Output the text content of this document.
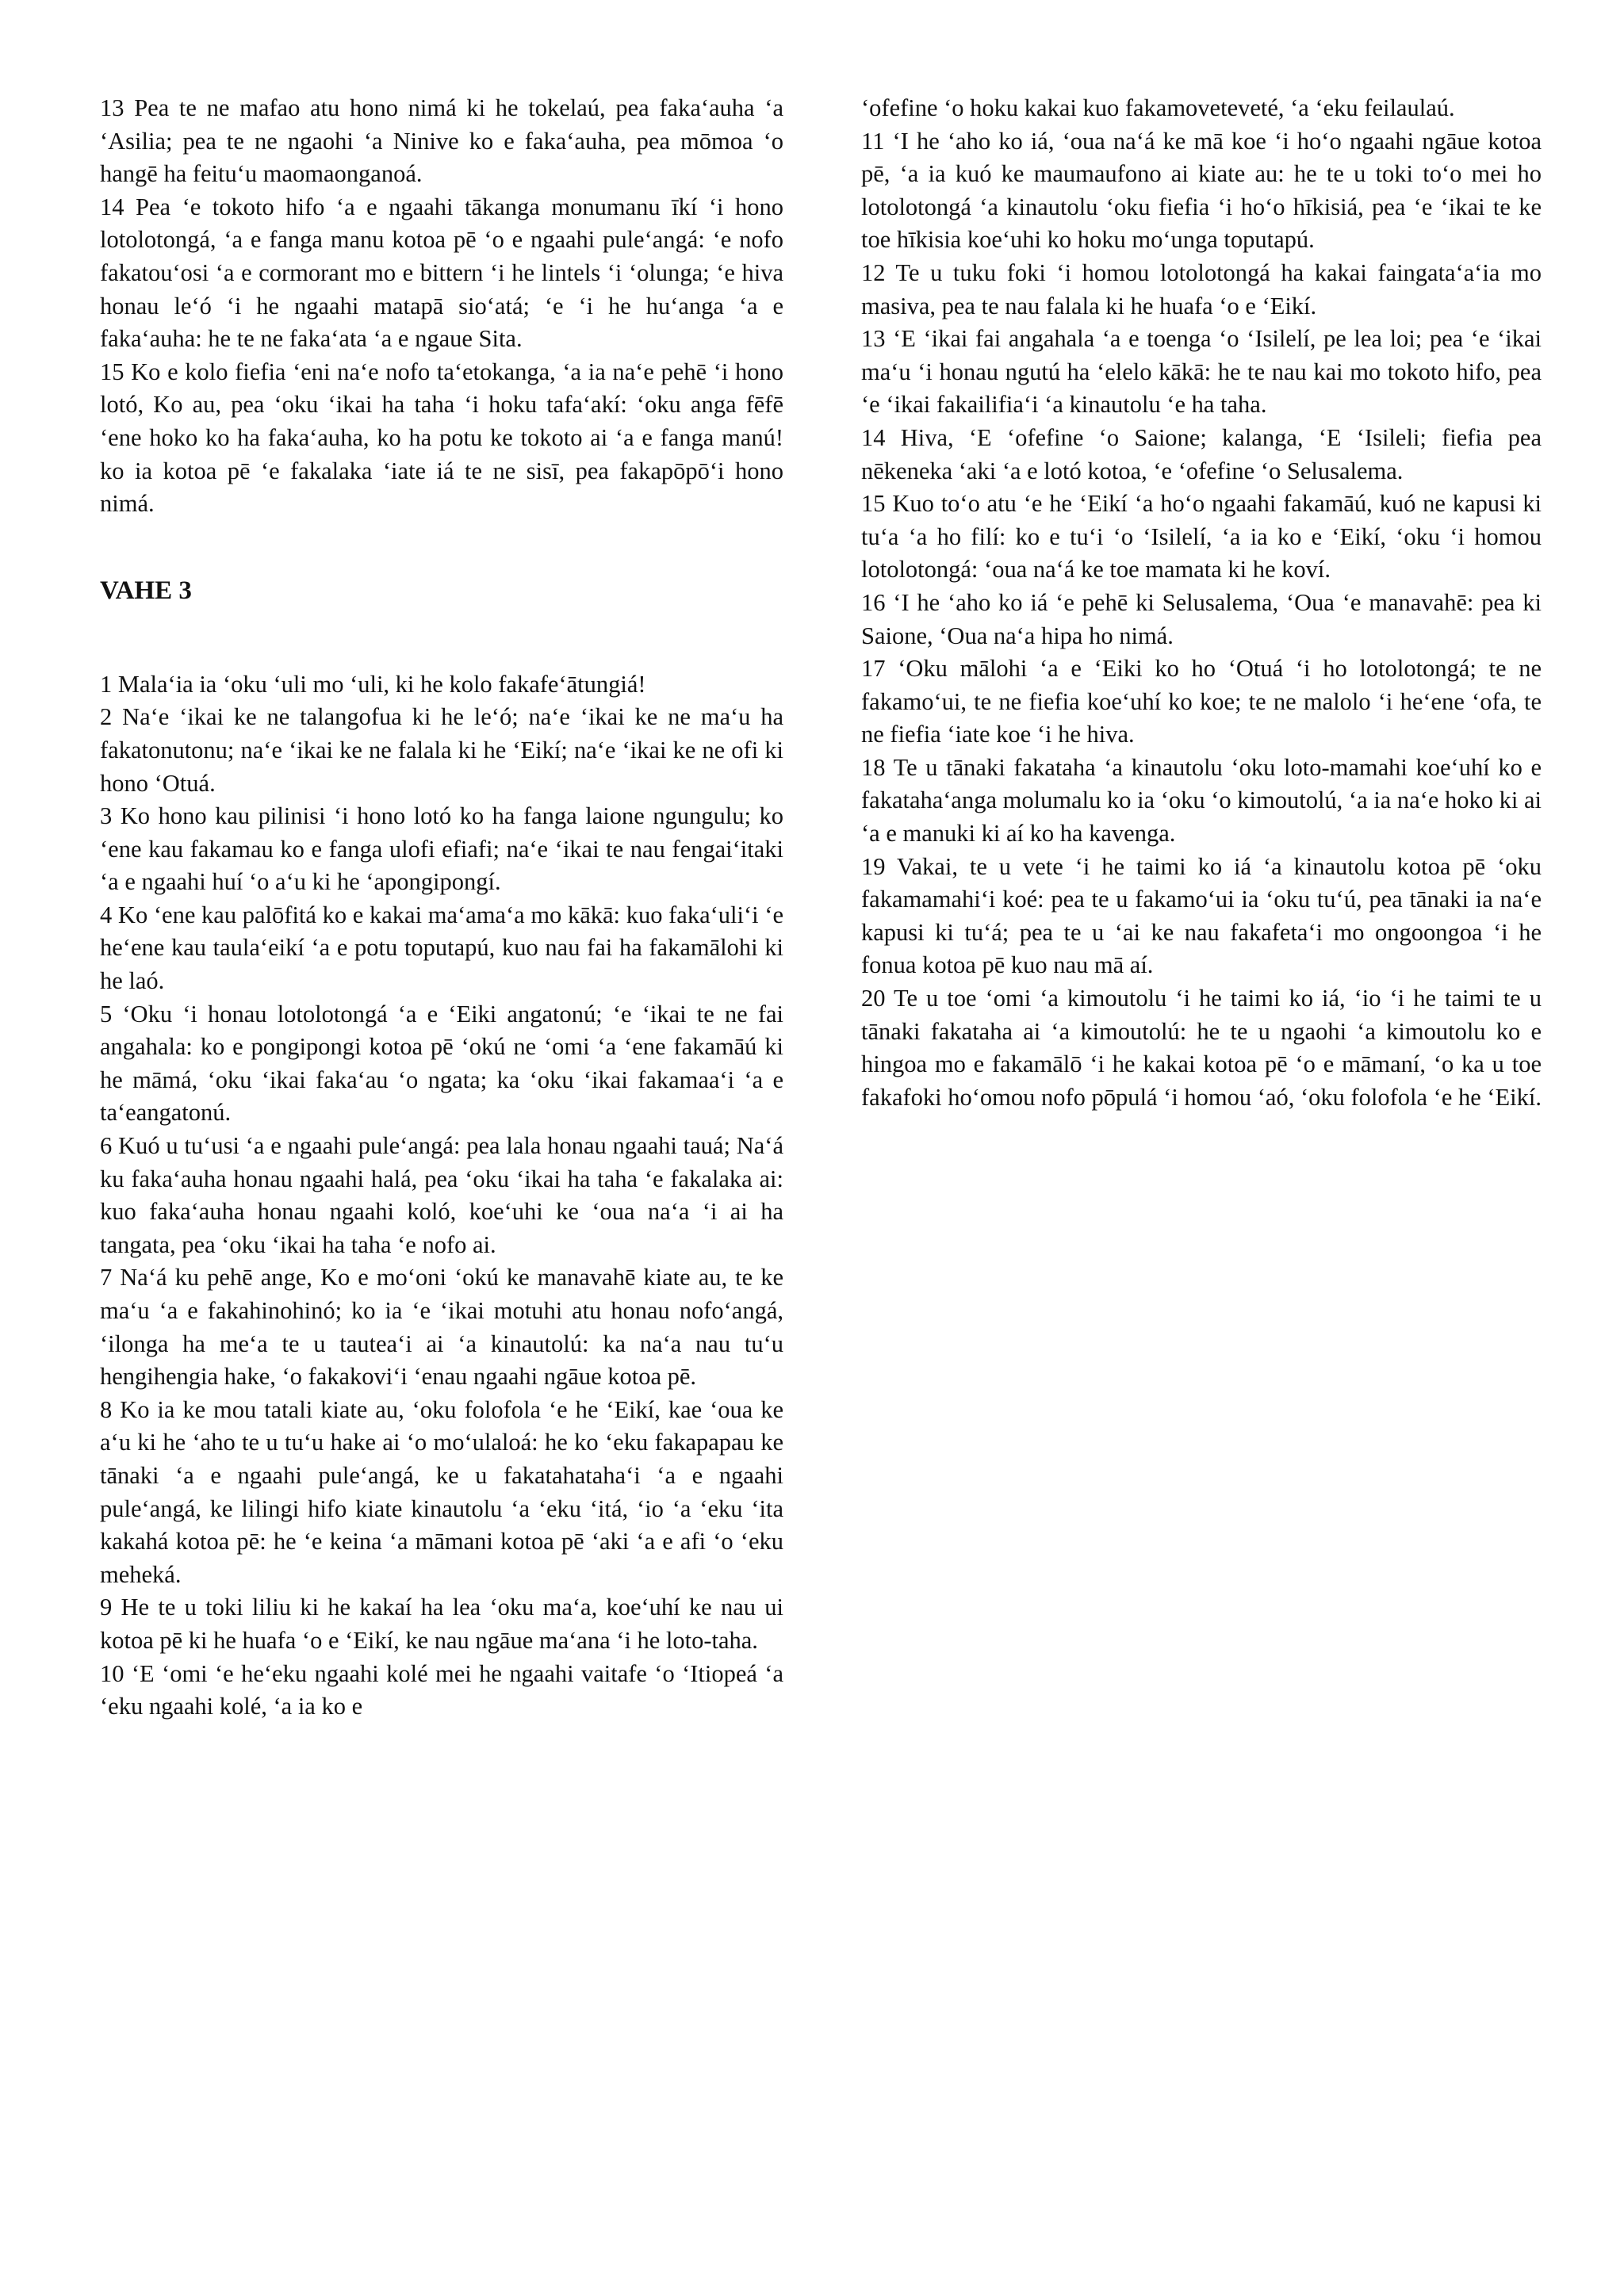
13 Pea te ne mafao atu hono nimá ki he tokelaú, pea faka‘auha ‘a ‘Asilia; pea te ne ngaohi ‘a Ninive ko e faka‘auha, pea mōmoa ‘o hangē ha feitu‘u maomaonganoá.

14 Pea ‘e tokoto hifo ‘a e ngaahi tākanga monumanu īkí ‘i hono lotolotongá, ‘a e fanga manu kotoa pē ‘o e ngaahi pule‘angá: ‘e nofo fakatou‘osi ‘a e cormorant mo e bittern ‘i he lintels ‘i ‘olunga; ‘e hiva honau le‘ó ‘i he ngaahi matapā sio‘atá; ‘e ‘i he hu‘anga ‘a e faka‘auha: he te ne faka‘ata ‘a e ngaue Sita.

15 Ko e kolo fiefia ‘eni na‘e nofo ta‘etokanga, ‘a ia na‘e pehē ‘i hono lotó, Ko au, pea ‘oku ‘ikai ha taha ‘i hoku tafa‘akí: ‘oku anga fēfē ‘ene hoko ko ha faka‘auha, ko ha potu ke tokoto ai ‘a e fanga manú! ko ia kotoa pē ‘e fakalaka ‘iate iá te ne sisī, pea fakapōpō‘i hono nimá.

VAHE 3

1 Mala‘ia ia ‘oku ‘uli mo ‘uli, ki he kolo fakafe‘ātungiá!

2 Na‘e ‘ikai ke ne talangofua ki he le‘ó; na‘e ‘ikai ke ne ma‘u ha fakatonutonu; na‘e ‘ikai ke ne falala ki he ‘Eikí; na‘e ‘ikai ke ne ofi ki hono ‘Otuá.

3 Ko hono kau pilinisi ‘i hono lotó ko ha fanga laione ngungulu; ko ‘ene kau fakamau ko e fanga ulofi efiafi; na‘e ‘ikai te nau fengai‘itaki ‘a e ngaahi huí ‘o a‘u ki he ‘apongipongí.

4 Ko ‘ene kau palōfitá ko e kakai ma‘ama‘a mo kākā: kuo faka‘uli‘i ‘e he‘ene kau taula‘eikí ‘a e potu toputapú, kuo nau fai ha fakamālohi ki he laó.

5 ‘Oku ‘i honau lotolotongá ‘a e ‘Eiki angatonú; ‘e ‘ikai te ne fai angahala: ko e pongipongi kotoa pē ‘okú ne ‘omi ‘a ‘ene fakamāú ki he māmá, ‘oku ‘ikai faka‘au ‘o ngata; ka ‘oku ‘ikai fakamaa‘i ‘a e ta‘eangatonú.

6 Kuó u tu‘usi ‘a e ngaahi pule‘angá: pea lala honau ngaahi tauá; Na‘á ku faka‘auha honau ngaahi halá, pea ‘oku ‘ikai ha taha ‘e fakalaka ai: kuo faka‘auha honau ngaahi koló, koe‘uhi ke ‘oua na‘a ‘i ai ha tangata, pea ‘oku ‘ikai ha taha ‘e nofo ai.

7 Na‘á ku pehē ange, Ko e mo‘oni ‘okú ke manavahē kiate au, te ke ma‘u ‘a e fakahinohinó; ko ia ‘e ‘ikai motuhi atu honau nofo‘angá, ‘ilonga ha me‘a te u tautea‘i ai ‘a kinautolú: ka na‘a nau tu‘u hengihengia hake, ‘o fakakovi‘i ‘enau ngaahi ngāue kotoa pē.

8 Ko ia ke mou tatali kiate au, ‘oku folofola ‘e he ‘Eikí, kae ‘oua ke a‘u ki he ‘aho te u tu‘u hake ai ‘o mo‘ulaloá: he ko ‘eku fakapapau ke tānaki ‘a e ngaahi pule‘angá, ke u fakatahataha‘i ‘a e ngaahi pule‘angá, ke lilingi hifo kiate kinautolu ‘a ‘eku ‘itá, ‘io ‘a ‘eku ‘ita kakahá kotoa pē: he ‘e keina ‘a māmani kotoa pē ‘aki ‘a e afi ‘o ‘eku meheká.

9 He te u toki liliu ki he kakaí ha lea ‘oku ma‘a, koe‘uhí ke nau ui kotoa pē ki he huafa ‘o e ‘Eikí, ke nau ngāue ma‘ana ‘i he loto-taha.

10 ‘E ‘omi ‘e he‘eku ngaahi kolé mei he ngaahi vaitafe ‘o ‘Itiopeá ‘a ‘eku ngaahi kolé, ‘a ia ko e

‘ofefine ‘o hoku kakai kuo fakamoveteveté, ‘a ‘eku feilaulaú.

11 ‘I he ‘aho ko iá, ‘oua na‘á ke mā koe ‘i ho‘o ngaahi ngāue kotoa pē, ‘a ia kuó ke maumaufono ai kiate au: he te u toki to‘o mei ho lotolotongá ‘a kinautolu ‘oku fiefia ‘i ho‘o hīkisiá, pea ‘e ‘ikai te ke toe hīkisia koe‘uhi ko hoku mo‘unga toputapú.

12 Te u tuku foki ‘i homou lotolotongá ha kakai faingata‘a‘ia mo masiva, pea te nau falala ki he huafa ‘o e ‘Eikí.

13 ‘E ‘ikai fai angahala ‘a e toenga ‘o ‘Isilelí, pe lea loi; pea ‘e ‘ikai ma‘u ‘i honau ngutú ha ‘elelo kākā: he te nau kai mo tokoto hifo, pea ‘e ‘ikai fakailifia‘i ‘a kinautolu ‘e ha taha.

14 Hiva, ‘E ‘ofefine ‘o Saione; kalanga, ‘E ‘Isileli; fiefia pea nēkeneka ‘aki ‘a e lotó kotoa, ‘e ‘ofefine ‘o Selusalema.

15 Kuo to‘o atu ‘e he ‘Eikí ‘a ho‘o ngaahi fakamāú, kuó ne kapusi ki tu‘a ‘a ho filí: ko e tu‘i ‘o ‘Isilelí, ‘a ia ko e ‘Eikí, ‘oku ‘i homou lotolotongá: ‘oua na‘á ke toe mamata ki he koví.

16 ‘I he ‘aho ko iá ‘e pehē ki Selusalema, ‘Oua ‘e manavahē: pea ki Saione, ‘Oua na‘a hipa ho nimá.

17 ‘Oku mālohi ‘a e ‘Eiki ko ho ‘Otuá ‘i ho lotolotongá; te ne fakamo‘ui, te ne fiefia koe‘uhí ko koe; te ne malolo ‘i he‘ene ‘ofa, te ne fiefia ‘iate koe ‘i he hiva.

18 Te u tānaki fakataha ‘a kinautolu ‘oku loto-mamahi koe‘uhí ko e fakataha‘anga molumalu ko ia ‘oku ‘o kimoutolú, ‘a ia na‘e hoko ki ai ‘a e manuki ki aí ko ha kavenga.

19 Vakai, te u vete ‘i he taimi ko iá ‘a kinautolu kotoa pē ‘oku fakamamahi‘i koé: pea te u fakamo‘ui ia ‘oku tu‘ú, pea tānaki ia na‘e kapusi ki tu‘á; pea te u ‘ai ke nau fakafeta‘i mo ongoongoa ‘i he fonua kotoa pē kuo nau mā aí.

20 Te u toe ‘omi ‘a kimoutolu ‘i he taimi ko iá, ‘io ‘i he taimi te u tānaki fakataha ai ‘a kimoutolú: he te u ngaohi ‘a kimoutolu ko e hingoa mo e fakamālō ‘i he kakai kotoa pē ‘o e māmaní, ‘o ka u toe fakafoki ho‘omou nofo pōpulá ‘i homou ‘aó, ‘oku folofola ‘e he ‘Eikí.
